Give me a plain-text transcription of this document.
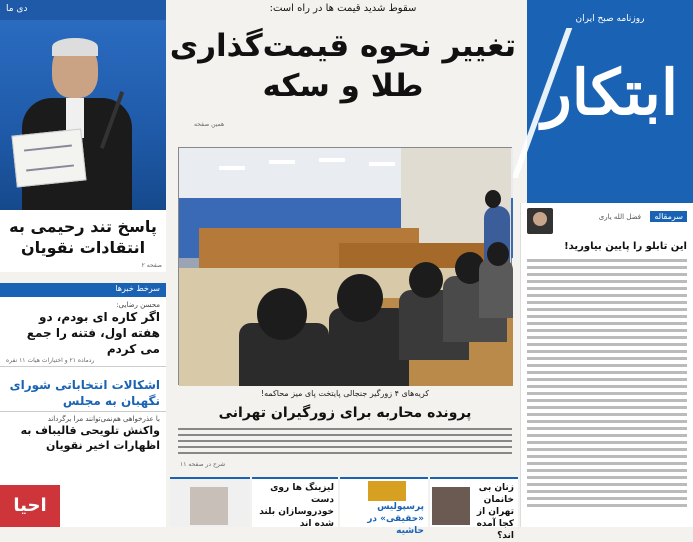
روزنامه صبح ایران
ابتکار
سرمقاله
فضل الله یاری
این تابلو را پایین بیاورید!
دی ما
پاسخ تند رحیمی به انتقادات نقویان
صفحه ۲
سرخط خبرها
محسن رضایی:
اگر کاره ای بودم، دو هفته اول، فتنه را جمع می کردم
ردماده ۲۱ و اختیارات هیات ۱۱ نفره
اشکالات انتخاباتی شورای نگهبان به مجلس
با عذرخواهی هم‌نمی‌توانند مرا برگرداند
واکنش تلویحی قالیباف به اظهارات اخیر نقویان
احیا
سقوط شدید قیمت ها در راه است:
تغییر نحوه قیمت‌گذاری
طلا و سکه
همین صفحه
کریه‌های ۴ زورگیر جنجالی پایتخت پای میز محاکمه!
پرونده محاربه برای زورگیران تهرانی
شرح در صفحه ۱۱
زنان بی خانمان تهران از کجا آمده اند؟
پرسپولیس «حقیقی» در حاشیه
لیزینگ ها روی دست خودروسازان بلند شده اند
